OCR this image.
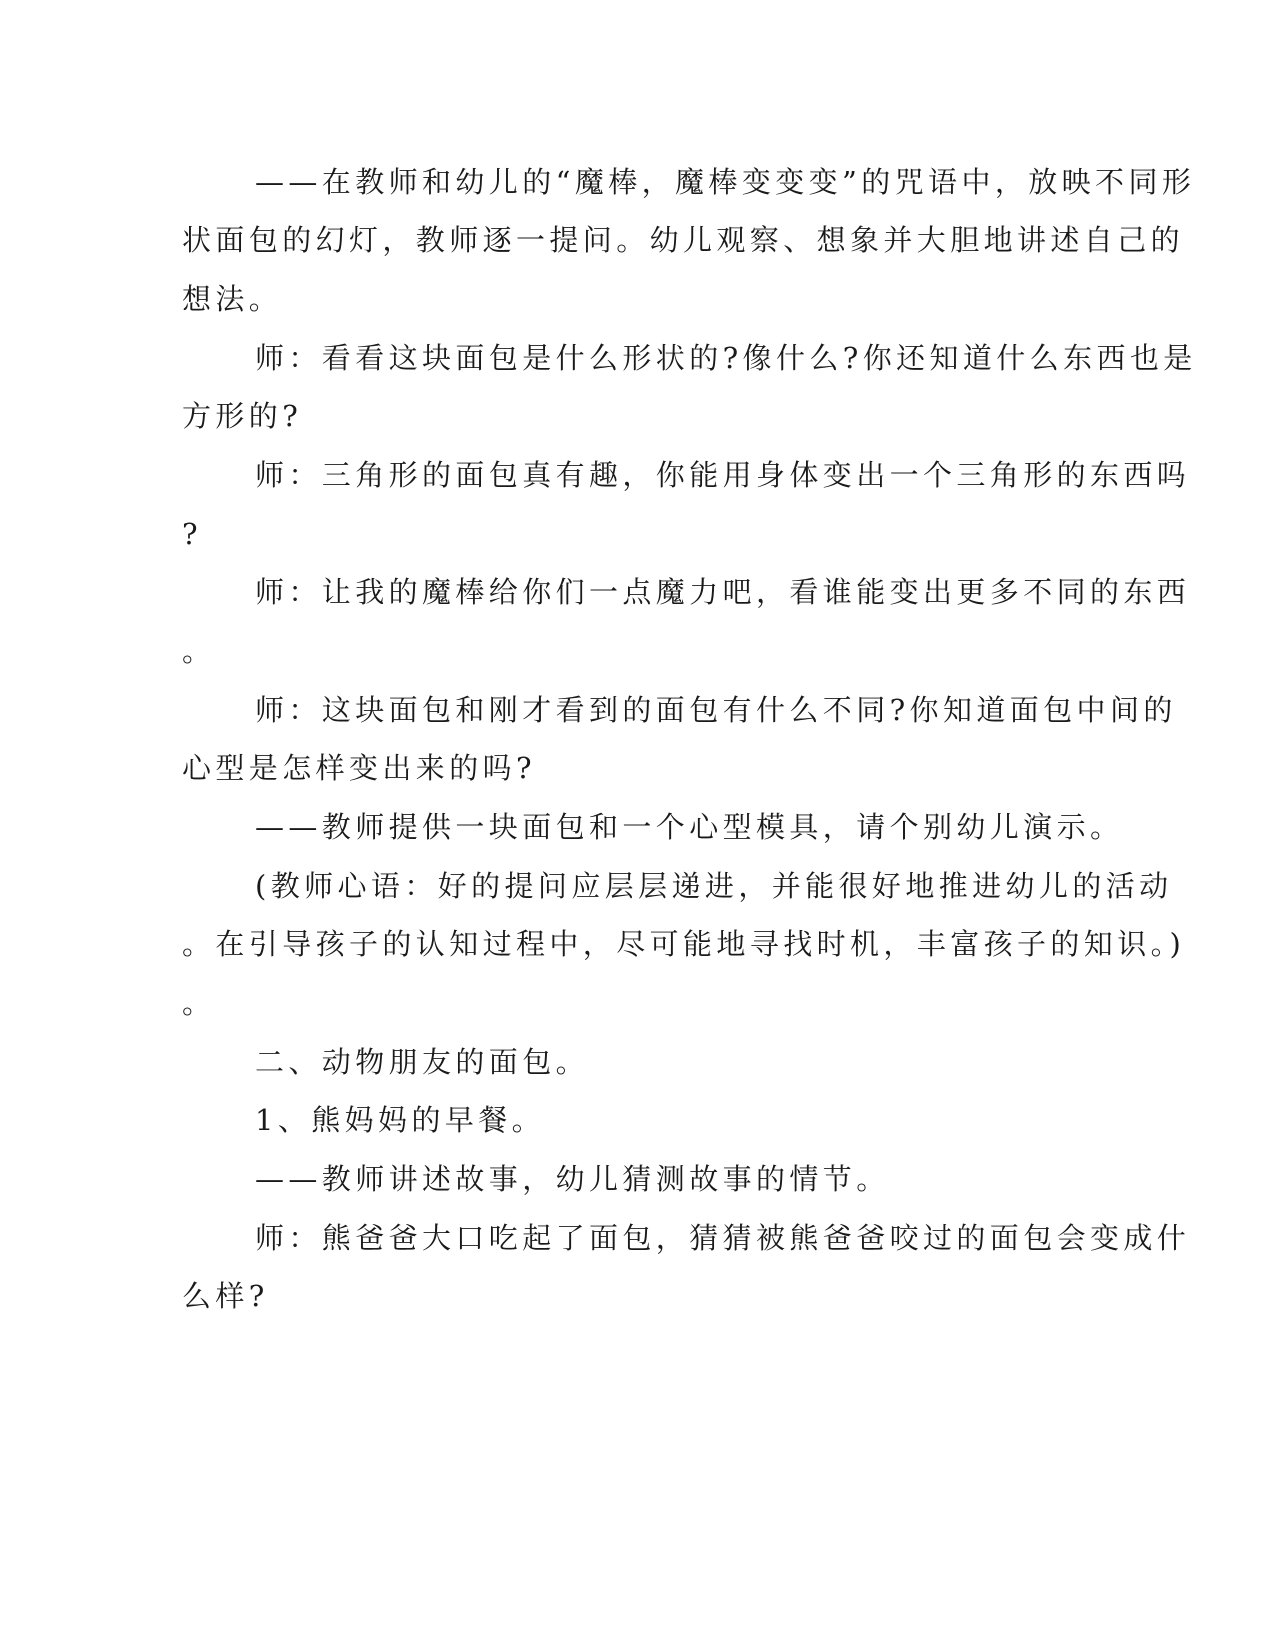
——在教师和幼儿的“魔棒，魔棒变变变”的咒语中，放映不同形

状面包的幻灯，教师逐一提问。幼儿观察、想象并大胆地讲述自己的

想法。

师：看看这块面包是什么形状的?像什么?你还知道什么东西也是

方形的?

师：三角形的面包真有趣，你能用身体变出一个三角形的东西吗

?

师：让我的魔棒给你们一点魔力吧，看谁能变出更多不同的东西

。

师：这块面包和刚才看到的面包有什么不同?你知道面包中间的

心型是怎样变出来的吗?

——教师提供一块面包和一个心型模具，请个别幼儿演示。

(教师心语：好的提问应层层递进，并能很好地推进幼儿的活动

。在引导孩子的认知过程中，尽可能地寻找时机，丰富孩子的知识。)

。

二、动物朋友的面包。

1、熊妈妈的早餐。

——教师讲述故事，幼儿猜测故事的情节。

师：熊爸爸大口吃起了面包，猜猜被熊爸爸咬过的面包会变成什

么样?
